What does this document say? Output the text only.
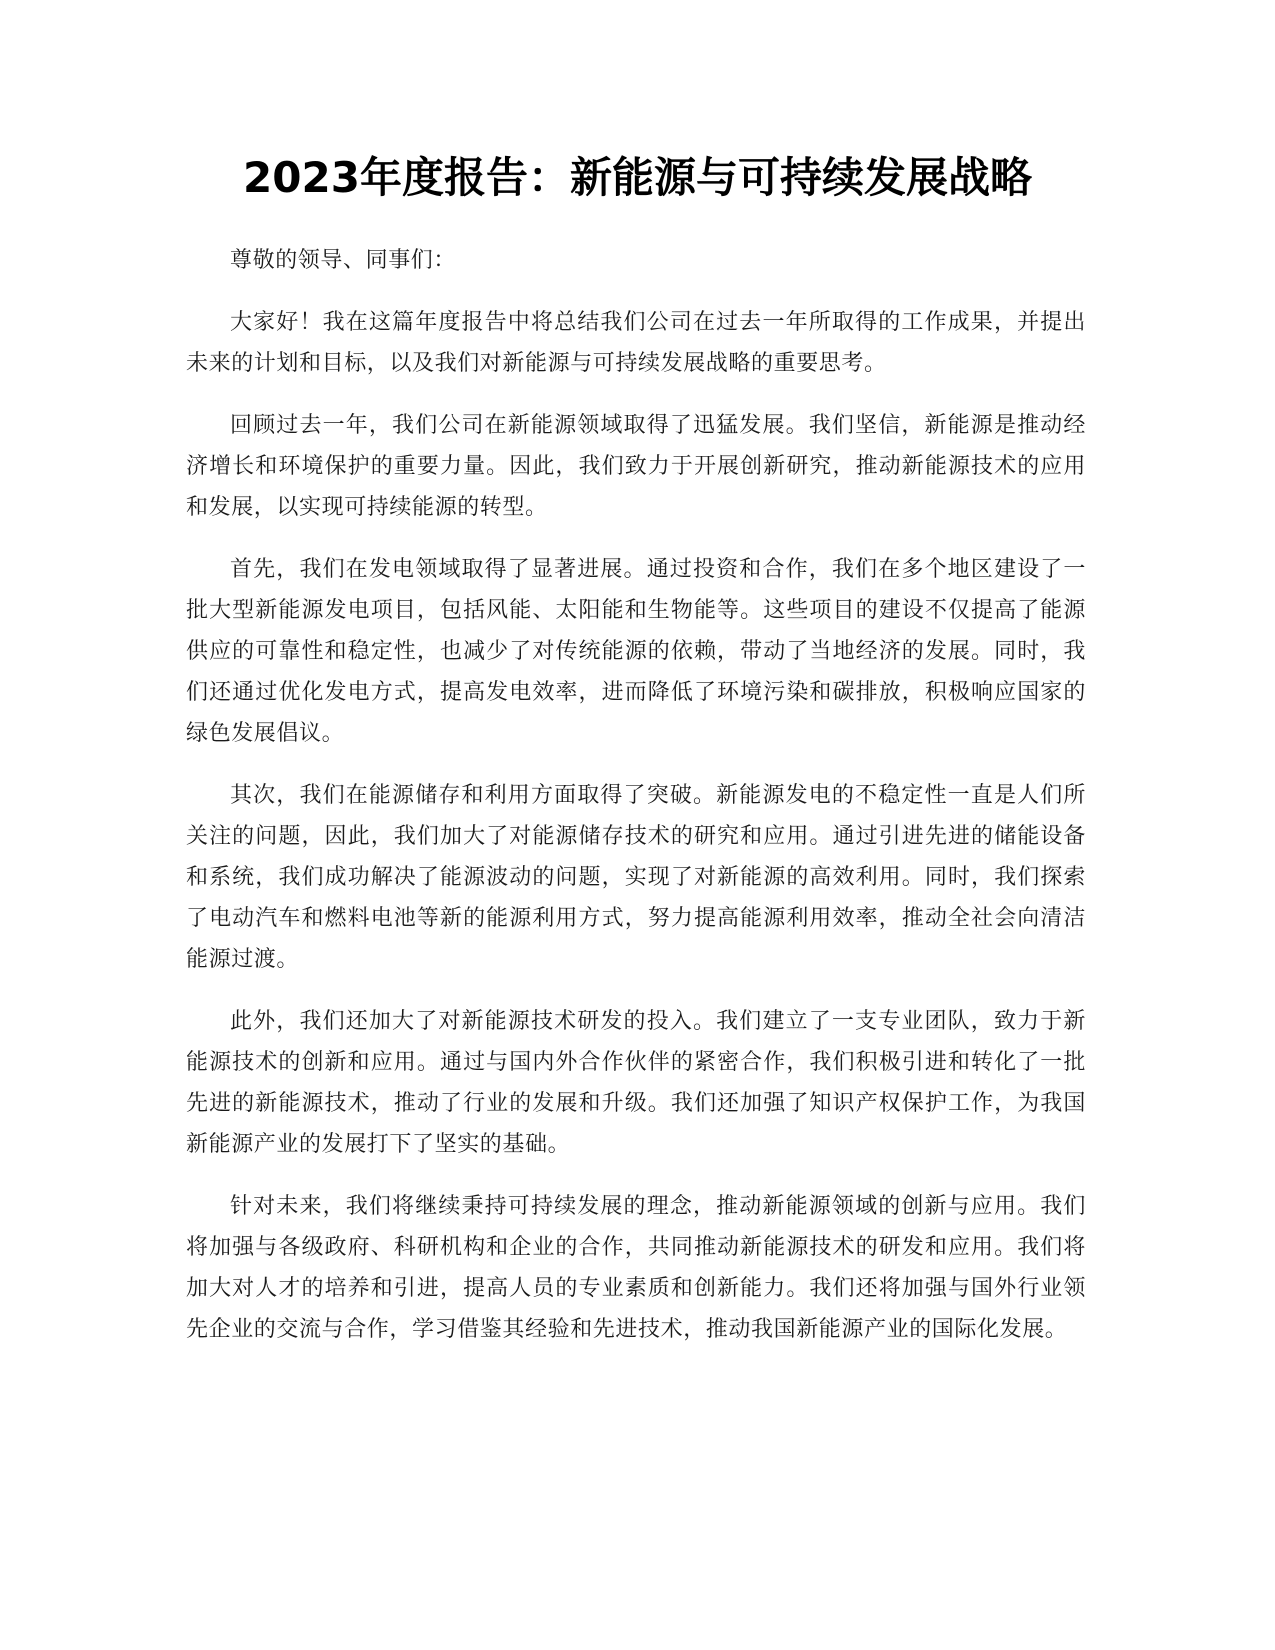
2023年度报告：新能源与可持续发展战略

尊敬的领导、同事们：

大家好！我在这篇年度报告中将总结我们公司在过去一年所取得的工作成果，并提出未来的计划和目标，以及我们对新能源与可持续发展战略的重要思考。

回顾过去一年，我们公司在新能源领域取得了迅猛发展。我们坚信，新能源是推动经济增长和环境保护的重要力量。因此，我们致力于开展创新研究，推动新能源技术的应用和发展，以实现可持续能源的转型。

首先，我们在发电领域取得了显著进展。通过投资和合作，我们在多个地区建设了一批大型新能源发电项目，包括风能、太阳能和生物能等。这些项目的建设不仅提高了能源供应的可靠性和稳定性，也减少了对传统能源的依赖，带动了当地经济的发展。同时，我们还通过优化发电方式，提高发电效率，进而降低了环境污染和碳排放，积极响应国家的绿色发展倡议。

其次，我们在能源储存和利用方面取得了突破。新能源发电的不稳定性一直是人们所关注的问题，因此，我们加大了对能源储存技术的研究和应用。通过引进先进的储能设备和系统，我们成功解决了能源波动的问题，实现了对新能源的高效利用。同时，我们探索了电动汽车和燃料电池等新的能源利用方式，努力提高能源利用效率，推动全社会向清洁能源过渡。

此外，我们还加大了对新能源技术研发的投入。我们建立了一支专业团队，致力于新能源技术的创新和应用。通过与国内外合作伙伴的紧密合作，我们积极引进和转化了一批先进的新能源技术，推动了行业的发展和升级。我们还加强了知识产权保护工作，为我国新能源产业的发展打下了坚实的基础。

针对未来，我们将继续秉持可持续发展的理念，推动新能源领域的创新与应用。我们将加强与各级政府、科研机构和企业的合作，共同推动新能源技术的研发和应用。我们将加大对人才的培养和引进，提高人员的专业素质和创新能力。我们还将加强与国外行业领先企业的交流与合作，学习借鉴其经验和先进技术，推动我国新能源产业的国际化发展。
